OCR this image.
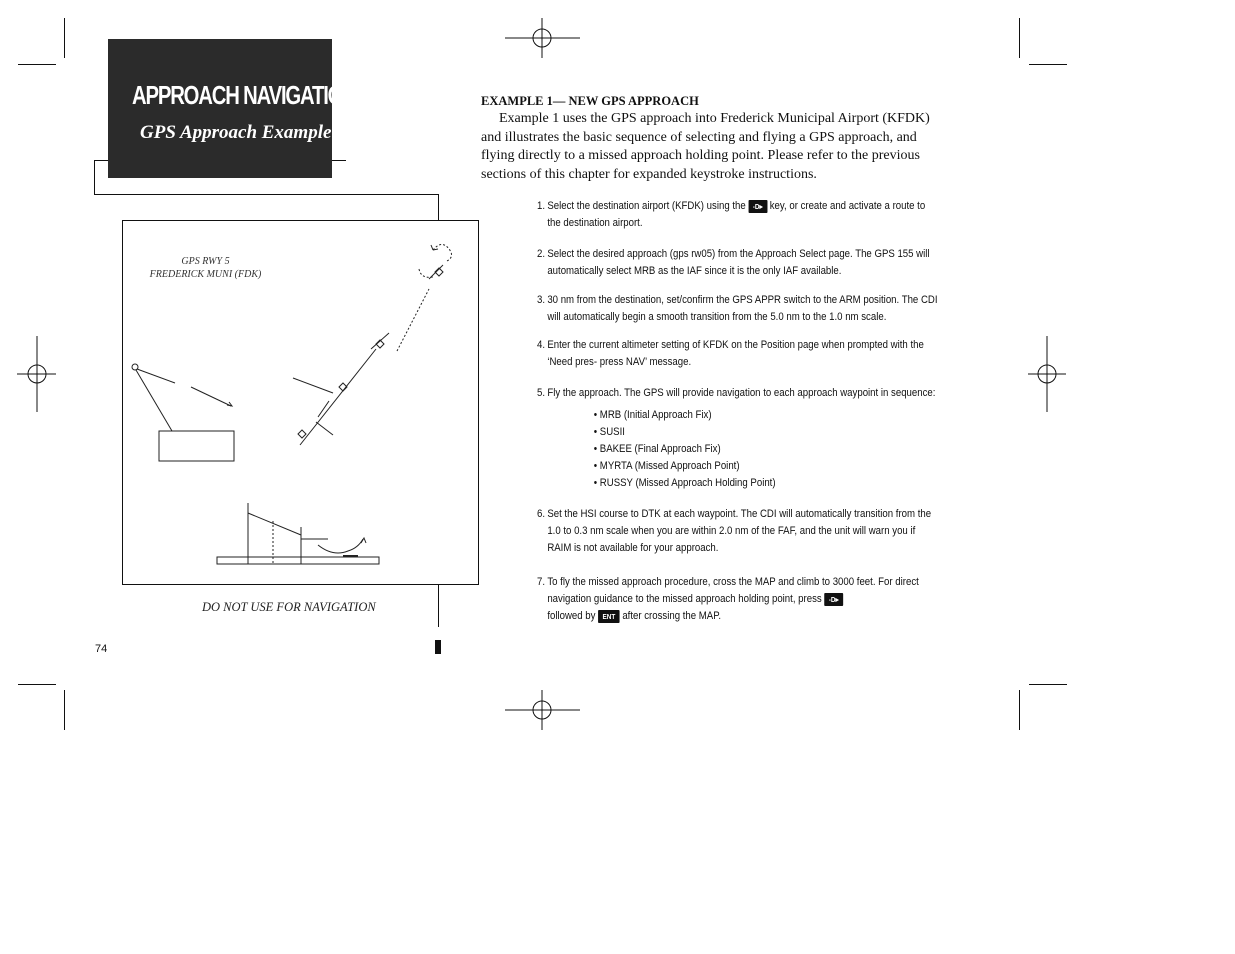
APPROACH NAVIGATION
GPS Approach Example
GPS RWY 5
FREDERICK MUNI (FDK)
DO NOT USE FOR NAVIGATION
74
EXAMPLE 1— NEW GPS APPROACH
Example 1 uses the GPS approach into Frederick Municipal Airport (KFDK) and illustrates the basic sequence of selecting and flying a GPS approach, and flying directly to a missed approach holding point. Please refer to the previous sections of this chapter for expanded keystroke instructions.
1. Select the destination airport (KFDK) using the -D▸ key, or create and activate a route to the destination airport.
2. Select the desired approach (gps rw05) from the Approach Select page. The GPS 155 will automatically select MRB as the IAF since it is the only IAF available.
3. 30 nm from the destination, set/confirm the GPS APPR switch to the ARM position. The CDI will automatically begin a smooth transition from the 5.0 nm to the 1.0 nm scale.
4. Enter the current altimeter setting of KFDK on the Position page when prompted with the ‘Need pres- press NAV’ message.
5. Fly the approach. The GPS will provide navigation to each approach waypoint in sequence:
• MRB (Initial Approach Fix)
• SUSII
• BAKEE (Final Approach Fix)
• MYRTA (Missed Approach Point)
• RUSSY (Missed Approach Holding Point)
6. Set the HSI course to DTK at each waypoint. The CDI will automatically transition from the 1.0 to 0.3 nm scale when you are within 2.0 nm of the FAF, and the unit will warn you if RAIM is not available for your approach.
7. To fly the missed approach procedure, cross the MAP and climb to 3000 feet. For direct navigation guidance to the missed approach holding point, press -D▸
followed by ENT after crossing the MAP.
